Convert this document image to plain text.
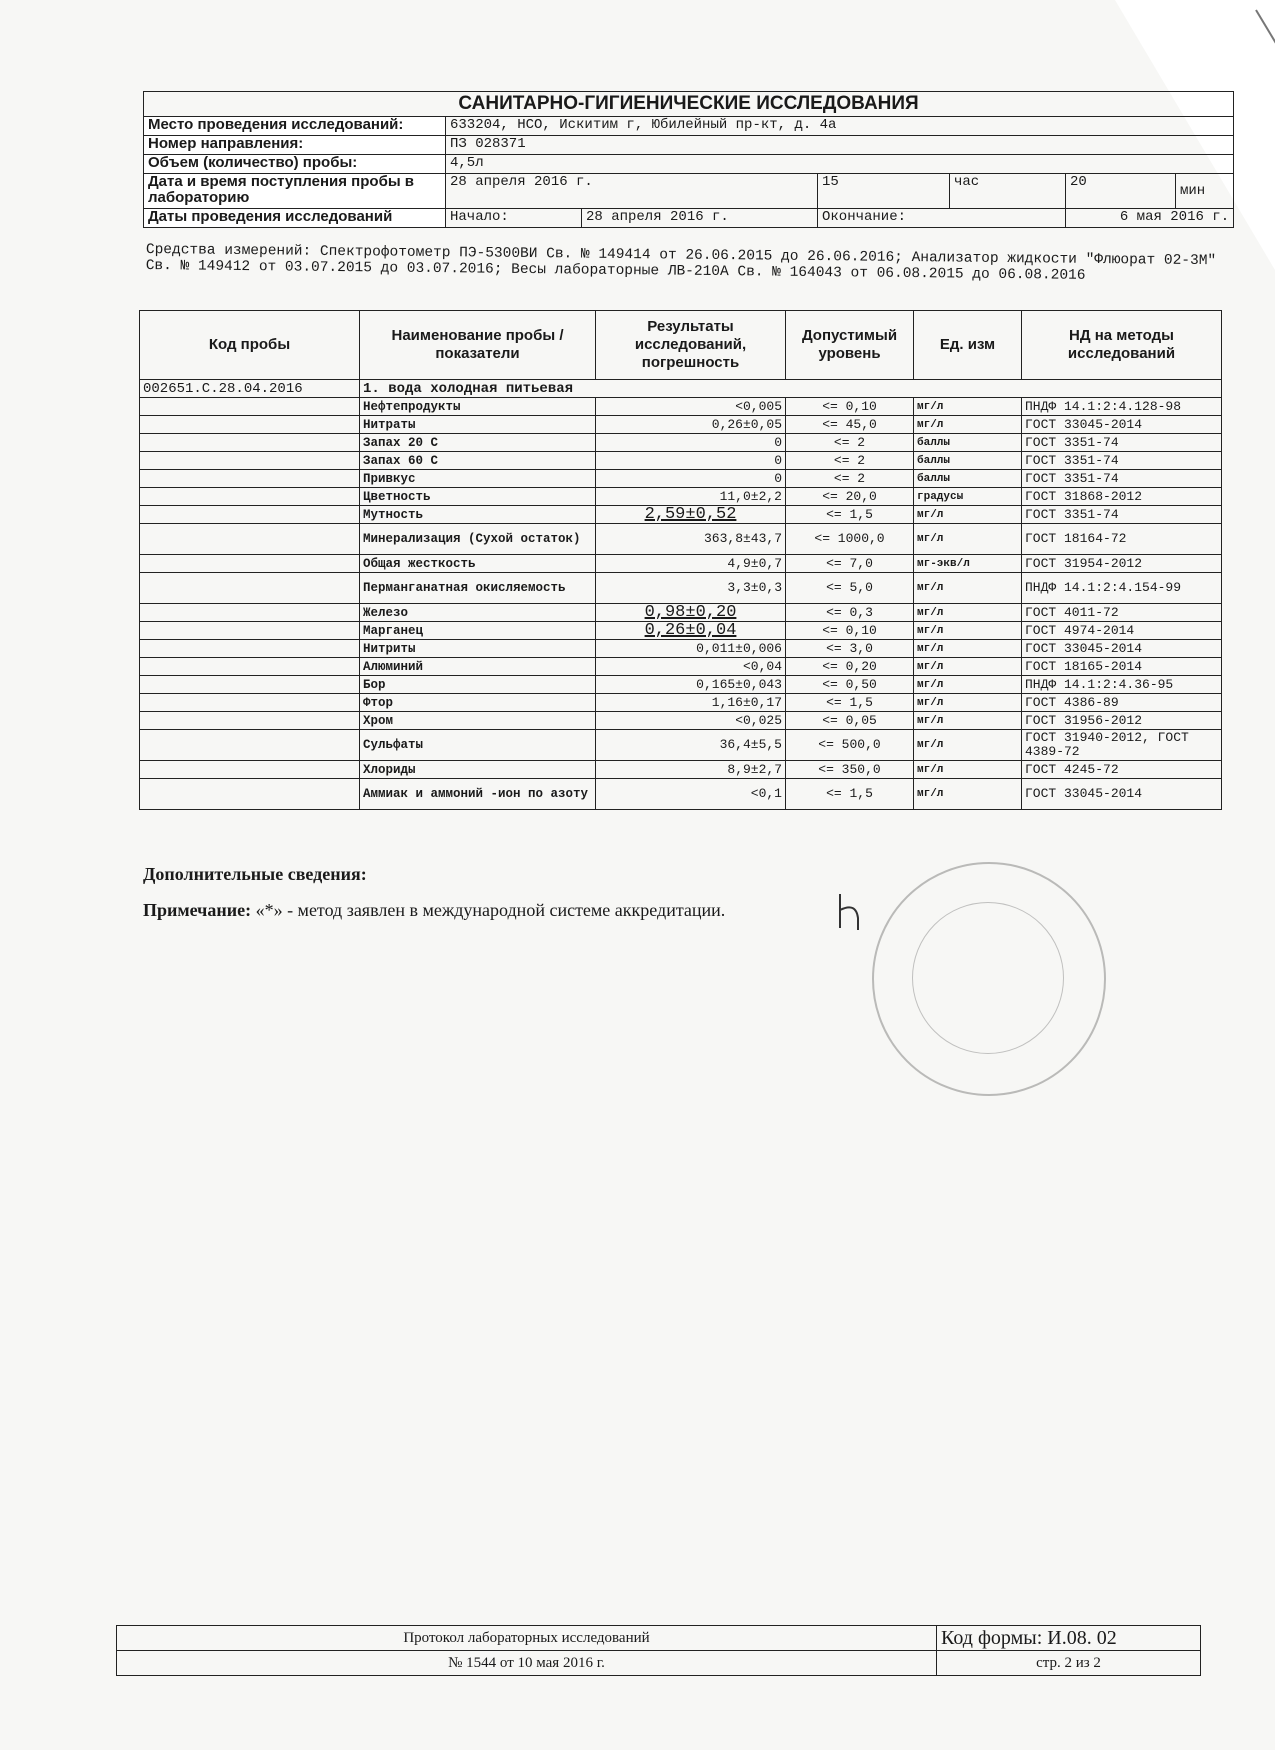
САНИТАРНО-ГИГИЕНИЧЕСКИЕ ИССЛЕДОВАНИЯ						
Место проведения исследований:	633204, НСО, Искитим г, Юбилейный пр-кт, д. 4а					
Номер направления:	ПЗ 028371					
Объем (количество) пробы:	4,5л					
Дата и время поступления пробы в лабораторию	28 апреля 2016 г.		15	час	20	мин
Даты проведения исследований	Начало:	28 апреля 2016 г.	Окончание:		6 мая 2016 г.	
Средства измерений: Спектрофотометр ПЭ-5300ВИ Св. № 149414 от 26.06.2015 до 26.06.2016; Анализатор жидкости "Флюорат 02-3М" Св. № 149412 от 03.07.2015 до 03.07.2016; Весы лабораторные ЛВ-210А Св. № 164043 от 06.08.2015 до 06.08.2016
Код пробы	Наименование пробы / показатели	Результаты исследований, погрешность	Допустимый уровень	Ед. изм	НД на методы исследований
002651.С.28.04.2016	1. вода холодная питьевая				
	Нефтепродукты	<0,005	<= 0,10	мг/л	ПНДФ 14.1:2:4.128-98
	Нитраты	0,26±0,05	<= 45,0	мг/л	ГОСТ 33045-2014
	Запах 20 С	0	<= 2	баллы	ГОСТ 3351-74
	Запах 60 С	0	<= 2	баллы	ГОСТ 3351-74
	Привкус	0	<= 2	баллы	ГОСТ 3351-74
	Цветность	11,0±2,2	<= 20,0	градусы	ГОСТ 31868-2012
	Мутность	2,59±0,52	<= 1,5	мг/л	ГОСТ 3351-74
	Минерализация (Сухой остаток)	363,8±43,7	<= 1000,0	мг/л	ГОСТ 18164-72
	Общая жесткость	4,9±0,7	<= 7,0	мг-экв/л	ГОСТ 31954-2012
	Перманганатная окисляемость	3,3±0,3	<= 5,0	мг/л	ПНДФ 14.1:2:4.154-99
	Железо	0,98±0,20	<= 0,3	мг/л	ГОСТ 4011-72
	Марганец	0,26±0,04	<= 0,10	мг/л	ГОСТ 4974-2014
	Нитриты	0,011±0,006	<= 3,0	мг/л	ГОСТ 33045-2014
	Алюминий	<0,04	<= 0,20	мг/л	ГОСТ 18165-2014
	Бор	0,165±0,043	<= 0,50	мг/л	ПНДФ 14.1:2:4.36-95
	Фтор	1,16±0,17	<= 1,5	мг/л	ГОСТ 4386-89
	Хром	<0,025	<= 0,05	мг/л	ГОСТ 31956-2012
	Сульфаты	36,4±5,5	<= 500,0	мг/л	ГОСТ 31940-2012, ГОСТ 4389-72
	Хлориды	8,9±2,7	<= 350,0	мг/л	ГОСТ 4245-72
	Аммиак и аммоний -ион по азоту	<0,1	<= 1,5	мг/л	ГОСТ 33045-2014
Дополнительные сведения:
Примечание: «*» - метод заявлен в международной системе аккредитации.
Протокол лабораторных исследований	Код формы: И.08. 02
№ 1544 от 10 мая 2016 г.	стр. 2 из 2
